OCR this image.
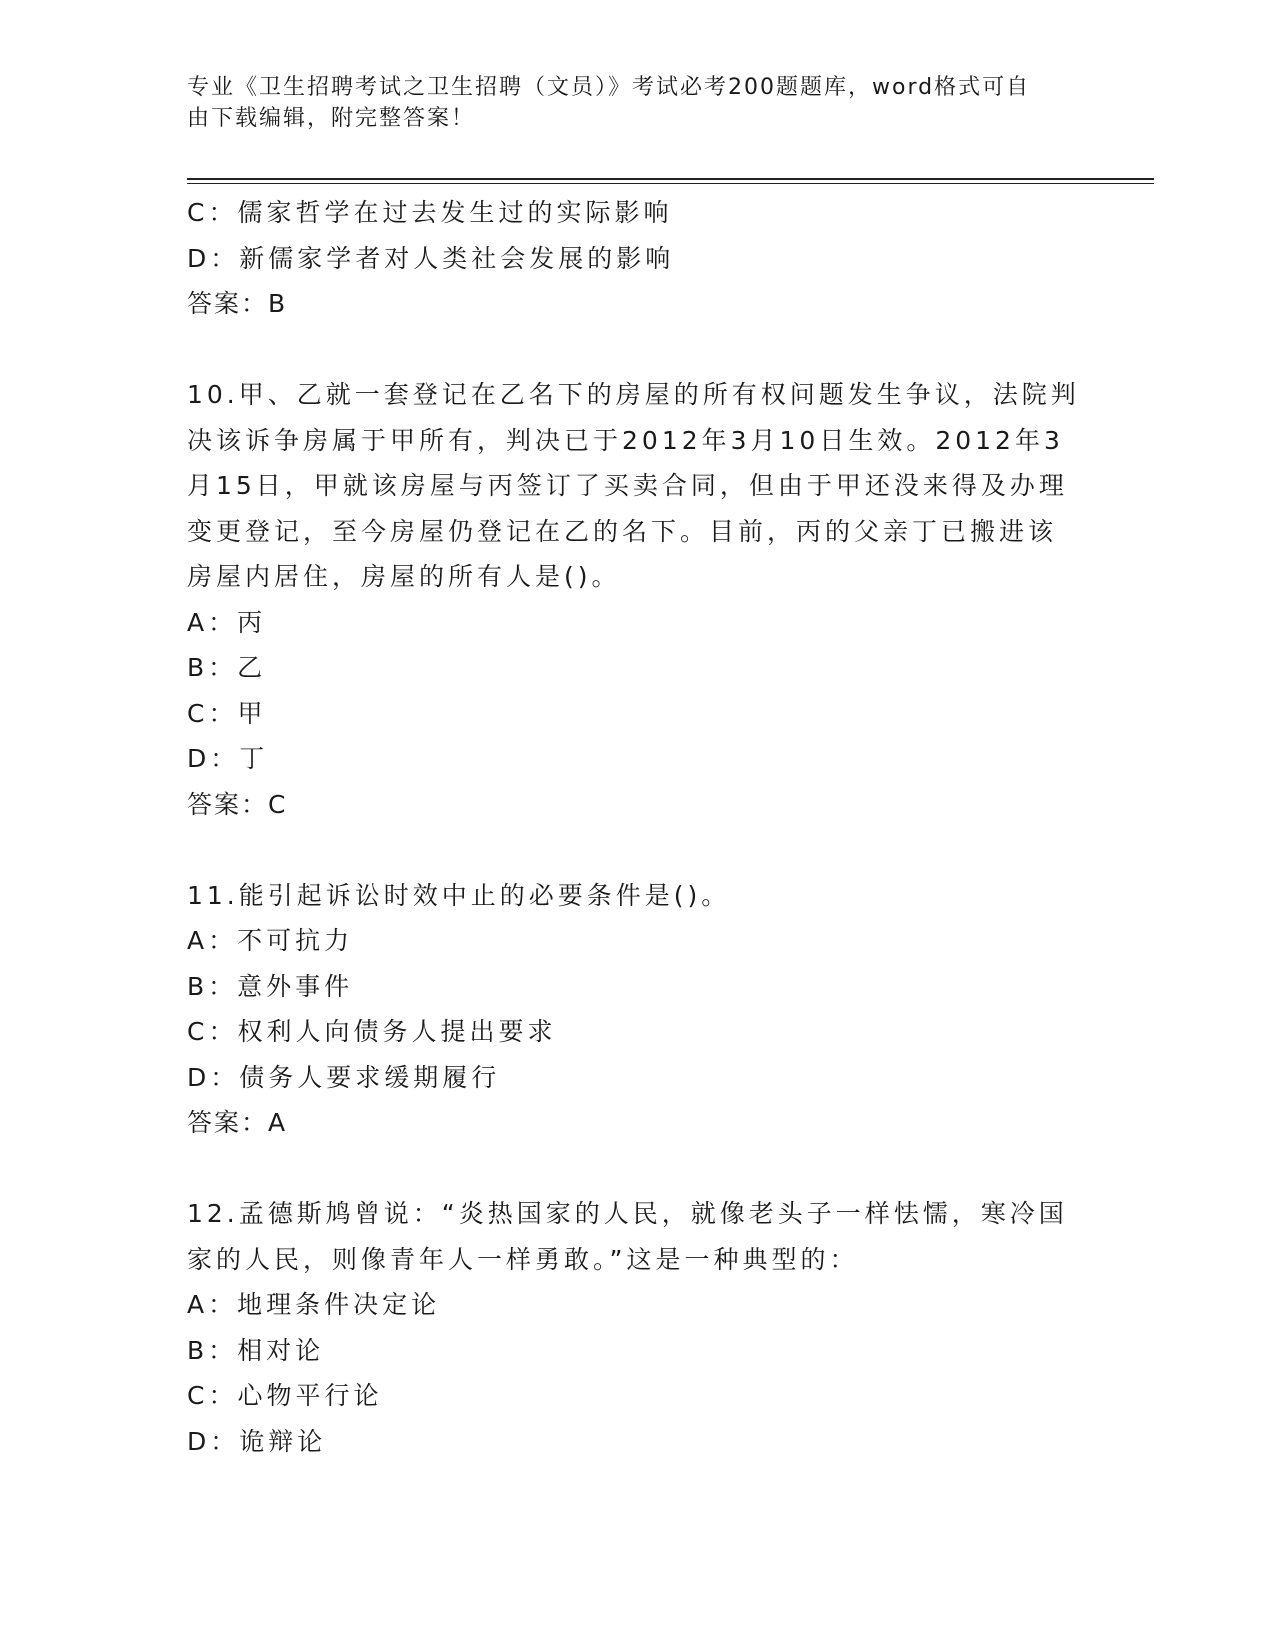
专业《卫生招聘考试之卫生招聘（文员）》考试必考200题题库，word格式可自
由下载编辑，附完整答案！
C：儒家哲学在过去发生过的实际影响
D：新儒家学者对人类社会发展的影响
答案：B
10.甲、乙就一套登记在乙名下的房屋的所有权问题发生争议，法院判
决该诉争房属于甲所有，判决已于2012年3月10日生效。2012年3
月15日，甲就该房屋与丙签订了买卖合同，但由于甲还没来得及办理
变更登记，至今房屋仍登记在乙的名下。目前，丙的父亲丁已搬进该
房屋内居住，房屋的所有人是()。
A：丙
B：乙
C：甲
D：丁
答案：C
11.能引起诉讼时效中止的必要条件是()。
A：不可抗力
B：意外事件
C：权利人向债务人提出要求
D：债务人要求缓期履行
答案：A
12.孟德斯鸠曾说：“炎热国家的人民，就像老头子一样怯懦，寒冷国
家的人民，则像青年人一样勇敢。”这是一种典型的：
A：地理条件决定论
B：相对论
C：心物平行论
D：诡辩论
